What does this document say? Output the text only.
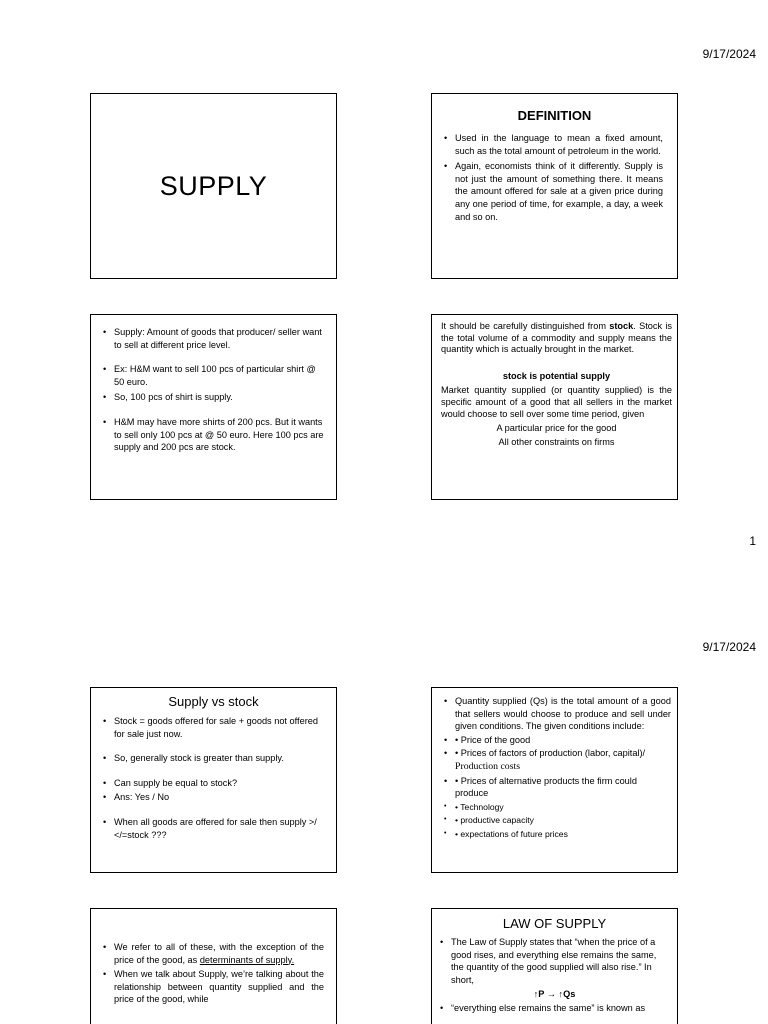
9/17/2024
SUPPLY
DEFINITION
• Used in the language to mean a fixed amount, such as the total amount of petroleum in the world.
• Again, economists think of it differently. Supply is not just the amount of something there. It means the amount offered for sale at a given price during any one period of time, for example, a day, a week and so on.
• Supply: Amount of goods that producer/ seller want to sell at different price level.
• Ex: H&M want to sell 100 pcs of particular shirt @ 50 euro.
• So, 100 pcs of shirt is supply.
• H&M may have more shirts of 200 pcs. But it wants to sell only 100 pcs at @ 50 euro. Here 100 pcs are supply and 200 pcs are stock.
It should be carefully distinguished from stock. Stock is the total volume of a commodity and supply means the quantity which is actually brought in the market.
stock is potential supply
Market quantity supplied (or quantity supplied) is the specific amount of a good that all sellers in the market would choose to sell over some time period, given
A particular price for the good
All other constraints on firms
1
9/17/2024
Supply vs stock
• Stock = goods offered for sale + goods not offered for sale just now.
• So, generally stock is greater than supply.
• Can supply be equal to stock?
• Ans: Yes / No
• When all goods are offered for sale then supply >/ </=stock ???
• Quantity supplied (Qs) is the total amount of a good that sellers would choose to produce and sell under given conditions. The given conditions include:
• • Price of the good
• • Prices of factors of production (labor, capital)/
Production costs
• • Prices of alternative products the firm could produce
• • Technology
• • productive capacity
• • expectations of future prices
• We refer to all of these, with the exception of the price of the good, as determinants of supply.
• When we talk about Supply, we’re talking about the relationship between quantity supplied and the price of the good, while
LAW OF SUPPLY
• The Law of Supply states that “when the price of a good rises, and everything else remains the same, the quantity of the good supplied will also rise.” In short,
↑P → ↑Qs
• “everything else remains the same” is known as
